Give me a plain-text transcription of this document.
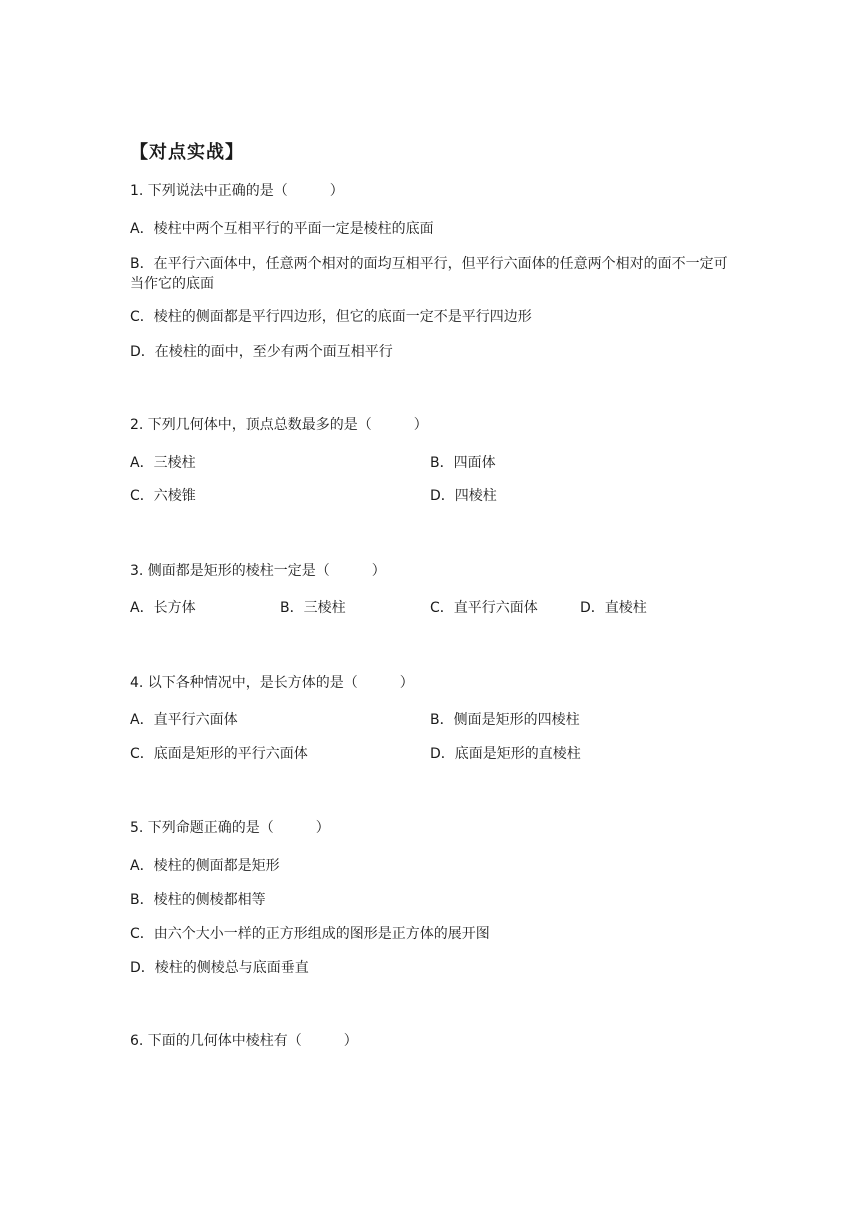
【对点实战】
1. 下列说法中正确的是（　　　）
A．棱柱中两个互相平行的平面一定是棱柱的底面
B．在平行六面体中，任意两个相对的面均互相平行，但平行六面体的任意两个相对的面不一定可当作它的底面
C．棱柱的侧面都是平行四边形，但它的底面一定不是平行四边形
D．在棱柱的面中，至少有两个面互相平行
2. 下列几何体中，顶点总数最多的是（　　　）
A．三棱柱	B．四面体
C．六棱锥	D．四棱柱
3. 侧面都是矩形的棱柱一定是（　　　）
A．长方体	B．三棱柱	C．直平行六面体	D．直棱柱
4. 以下各种情况中，是长方体的是（　　　）
A．直平行六面体	B．侧面是矩形的四棱柱
C．底面是矩形的平行六面体	D．底面是矩形的直棱柱
5. 下列命题正确的是（　　　）
A．棱柱的侧面都是矩形
B．棱柱的侧棱都相等
C．由六个大小一样的正方形组成的图形是正方体的展开图
D．棱柱的侧棱总与底面垂直
6. 下面的几何体中棱柱有（　　　）
